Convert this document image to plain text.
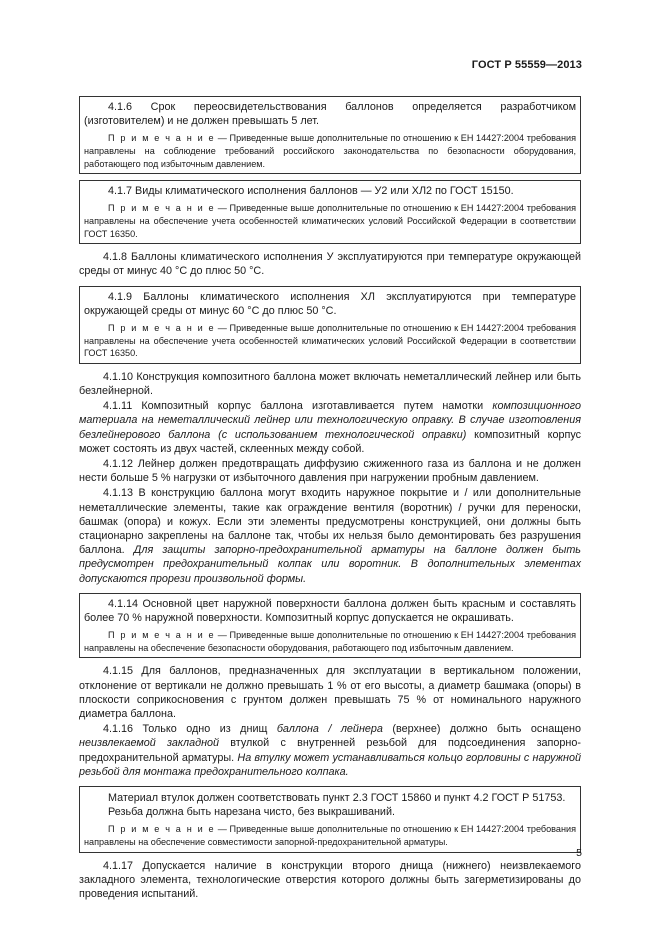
ГОСТ Р 55559—2013

4.1.6 Срок переосвидетельствования баллонов определяется разработчиком (изготовителем) и не должен превышать 5 лет.

П р и м е ч а н и е — Приведенные выше дополнительные по отношению к ЕН 14427:2004 требования направлены на соблюдение требований российского законодательства по безопасности оборудования, работающего под избыточным давлением.

4.1.7 Виды климатического исполнения баллонов — У2 или ХЛ2 по ГОСТ 15150.

П р и м е ч а н и е — Приведенные выше дополнительные по отношению к ЕН 14427:2004 требования направлены на обеспечение учета особенностей климатических условий Российской Федерации в соответствии ГОСТ 16350.

4.1.8 Баллоны климатического исполнения У эксплуатируются при температуре окружающей среды от минус 40 °С до плюс 50 °С.

4.1.9 Баллоны климатического исполнения ХЛ эксплуатируются при температуре окружающей среды от минус 60 °С до плюс 50 °С.

П р и м е ч а н и е — Приведенные выше дополнительные по отношению к ЕН 14427:2004 требования направлены на обеспечение учета особенностей климатических условий Российской Федерации в соответствии ГОСТ 16350.

4.1.10 Конструкция композитного баллона может включать неметаллический лейнер или быть безлейнерной.

4.1.11 Композитный корпус баллона изготавливается путем намотки композиционного материала на неметаллический лейнер или технологическую оправку. В случае изготовления безлейнерового баллона (с использованием технологической оправки) композитный корпус может состоять из двух частей, склеенных между собой.

4.1.12 Лейнер должен предотвращать диффузию сжиженного газа из баллона и не должен нести больше 5 % нагрузки от избыточного давления при нагружении пробным давлением.

4.1.13 В конструкцию баллона могут входить наружное покрытие и / или дополнительные неметаллические элементы, такие как ограждение вентиля (воротник) / ручки для переноски, башмак (опора) и кожух. Если эти элементы предусмотрены конструкцией, они должны быть стационарно закреплены на баллоне так, чтобы их нельзя было демонтировать без разрушения баллона. Для защиты запорно-предохранительной арматуры на баллоне должен быть предусмотрен предохранительный колпак или воротник. В дополнительных элементах допускаются прорези произвольной формы.

4.1.14 Основной цвет наружной поверхности баллона должен быть красным и составлять более 70 % наружной поверхности. Композитный корпус допускается не окрашивать.

П р и м е ч а н и е — Приведенные выше дополнительные по отношению к ЕН 14427:2004 требования направлены на обеспечение безопасности оборудования, работающего под избыточным давлением.

4.1.15 Для баллонов, предназначенных для эксплуатации в вертикальном положении, отклонение от вертикали не должно превышать 1 % от его высоты, а диаметр башмака (опоры) в плоскости соприкосновения с грунтом должен превышать 75 % от номинального наружного диаметра баллона.

4.1.16 Только одно из днищ баллона / лейнера (верхнее) должно быть оснащено неизвлекаемой закладной втулкой с внутренней резьбой для подсоединения запорно-предохранительной арматуры. На втулку может устанавливаться кольцо горловины с наружной резьбой для монтажа предохранительного колпака.

Материал втулок должен соответствовать пункт 2.3 ГОСТ 15860 и пункт 4.2 ГОСТ Р 51753.

Резьба должна быть нарезана чисто, без выкрашиваний.

П р и м е ч а н и е — Приведенные выше дополнительные по отношению к ЕН 14427:2004 требования направлены на обеспечение совместимости запорной-предохранительной арматуры.

4.1.17 Допускается наличие в конструкции второго днища (нижнего) неизвлекаемого закладного элемента, технологические отверстия которого должны быть загерметизированы до проведения испытаний.

5
